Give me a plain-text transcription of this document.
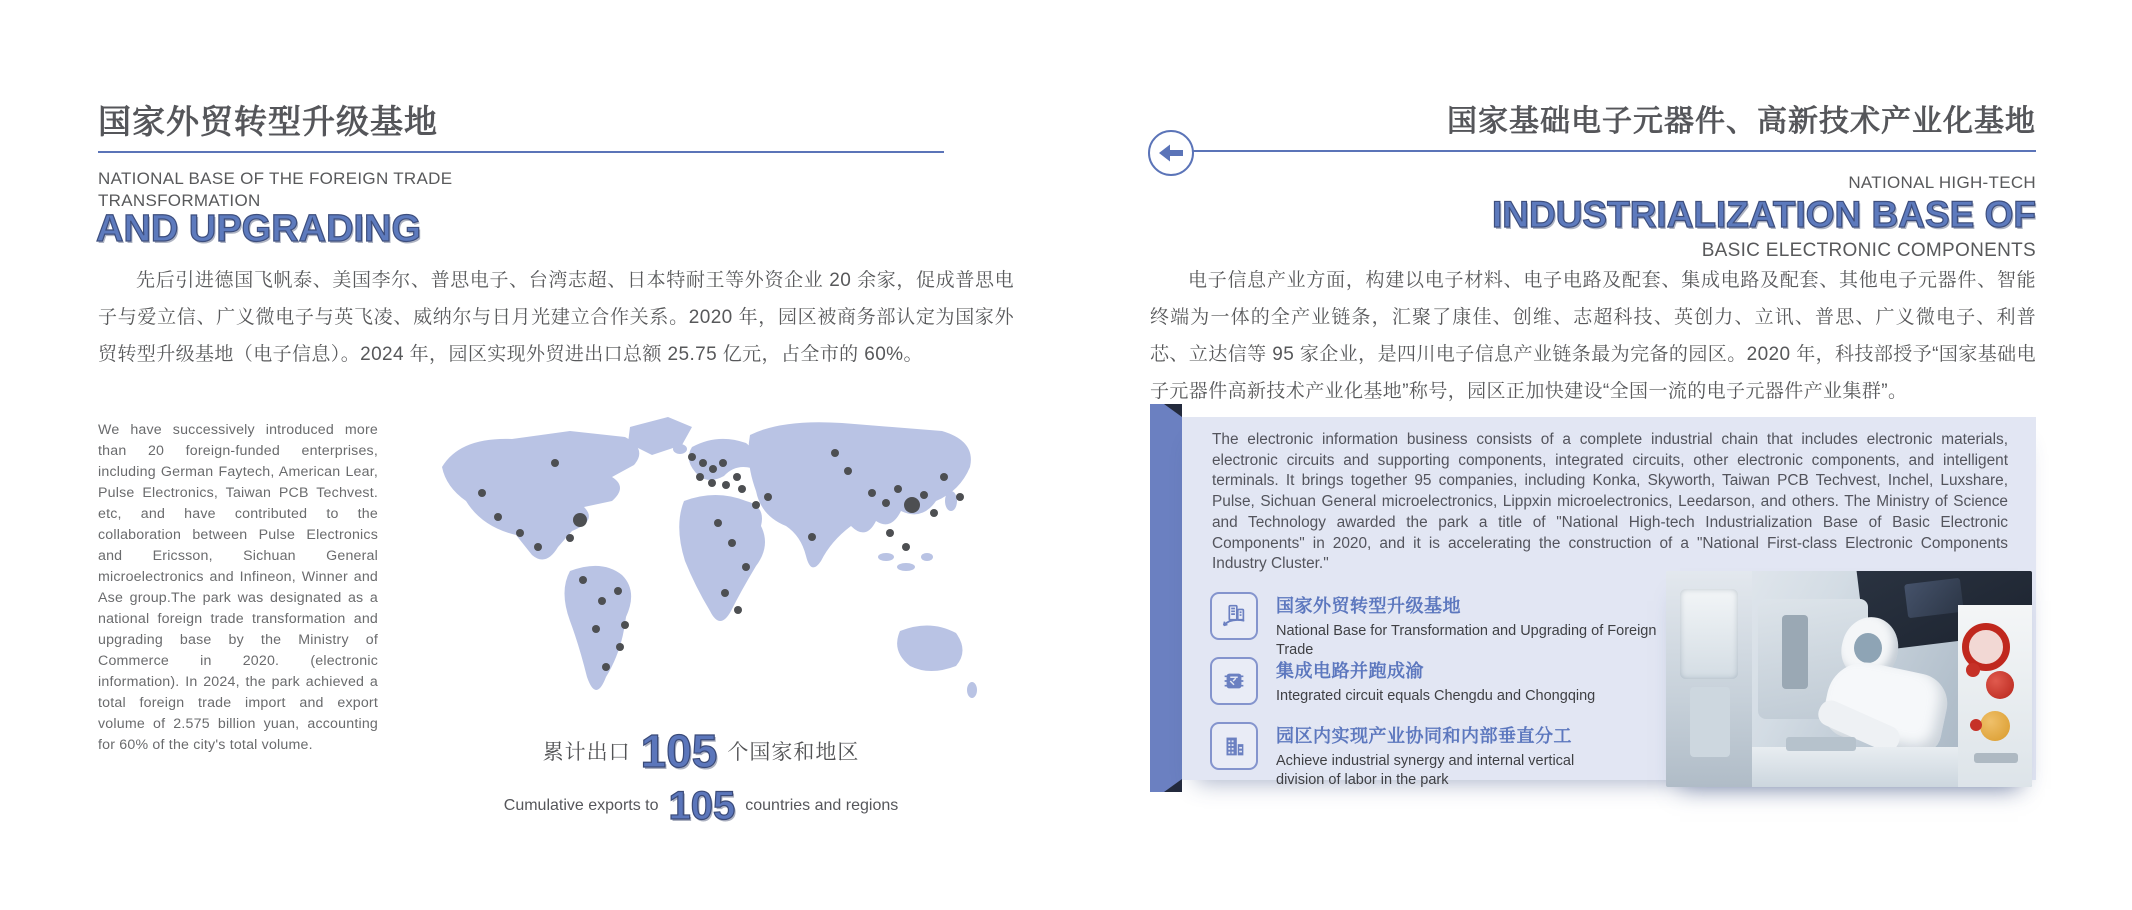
国家外贸转型升级基地
NATIONAL BASE OF THE FOREIGN TRADE
TRANSFORMATION
AND UPGRADING
先后引进德国飞帆泰、美国李尔、普思电子、台湾志超、日本特耐王等外资企业 20 余家，促成普思电子与爱立信、广义微电子与英飞凌、威纳尔与日月光建立合作关系。2020 年，园区被商务部认定为国家外贸转型升级基地（电子信息）。2024 年，园区实现外贸进出口总额 25.75 亿元，占全市的 60%。
We have successively introduced more than 20 foreign-funded enterprises, including German Faytech, American Lear, Pulse Electronics, Taiwan PCB Techvest. etc, and have contributed to the collaboration between Pulse Electronics and Ericsson, Sichuan General microelectronics and Infineon, Winner and Ase group.The park was designated as a national foreign trade transformation and upgrading base by the Ministry of Commerce in 2020. (electronic information). In 2024, the park achieved a total foreign trade import and export volume of 2.575 billion yuan, accounting for 60% of the city's total volume.	累计出口 105 个国家和地区
Cumulative exports to 105 countries and regions
国家基础电子元器件、高新技术产业化基地
NATIONAL HIGH-TECH
INDUSTRIALIZATION BASE OF
BASIC ELECTRONIC COMPONENTS
电子信息产业方面，构建以电子材料、电子电路及配套、集成电路及配套、其他电子元器件、智能终端为一体的全产业链条，汇聚了康佳、创维、志超科技、英创力、立讯、普思、广义微电子、利普芯、立达信等 95 家企业，是四川电子信息产业链条最为完备的园区。2020 年，科技部授予“国家基础电子元器件高新技术产业化基地”称号，园区正加快建设“全国一流的电子元器件产业集群”。
The electronic information business consists of a complete industrial chain that includes electronic materials, electronic circuits and supporting components, integrated circuits, other electronic components, and intelligent terminals. It brings together 95 companies, including Konka, Skyworth, Taiwan PCB Techvest, Inchel, Luxshare, Pulse, Sichuan General microelectronics, Lippxin microelectronics, Leedarson, and others. The Ministry of Science and Technology awarded the park a title of "National High-tech Industrialization Base of Basic Electronic Components" in 2020, and it is accelerating the construction of a "National First-class Electronic Components Industry Cluster."
国家外贸转型升级基地
National Base for Transformation and Upgrading of Foreign Trade
集成电路并跑成渝
Integrated circuit equals Chengdu and Chongqing
园区内实现产业协同和内部垂直分工
Achieve industrial synergy and internal vertical division of labor in the park
